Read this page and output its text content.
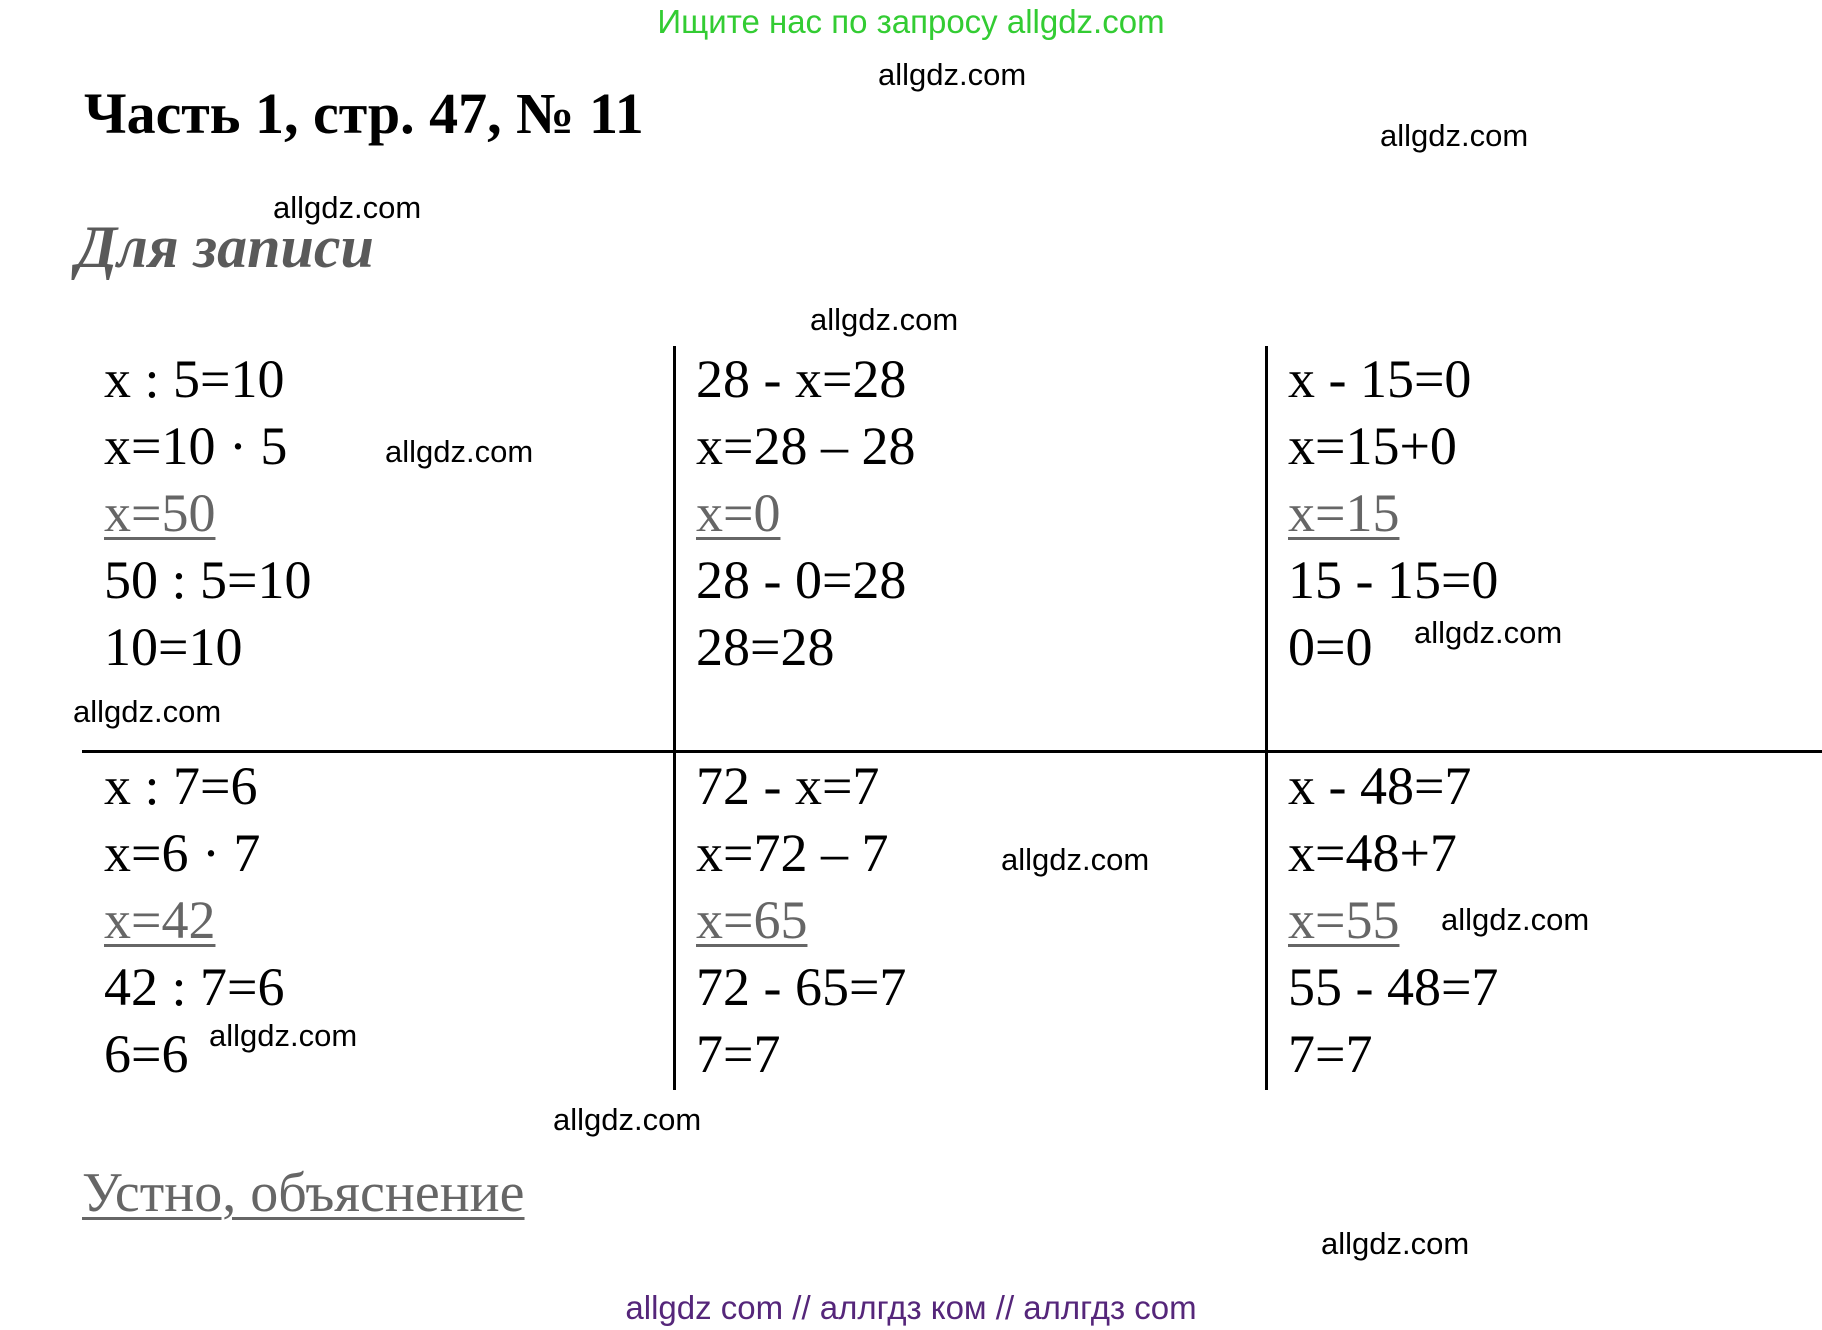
Ищите нас по запросу allgdz.com
Часть 1, стр. 47, № 11
Для записи
x : 5=10
x=10 · 5
x=50
50 : 5=10
10=10
28 - x=28
x=28 – 28
x=0
28 - 0=28
28=28
x - 15=0
x=15+0
x=15
15 - 15=0
0=0
x : 7=6
x=6 · 7
x=42
42 : 7=6
6=6
72 - x=7
x=72 – 7
x=65
72 - 65=7
7=7
x - 48=7
x=48+7
x=55
55 - 48=7
7=7
Устно, объяснение
allgdz.com
allgdz.com
allgdz.com
allgdz.com
allgdz.com
allgdz.com
allgdz.com
allgdz.com
allgdz.com
allgdz.com
allgdz.com
allgdz.com
allgdz com // аллгдз ком // аллгдз com
